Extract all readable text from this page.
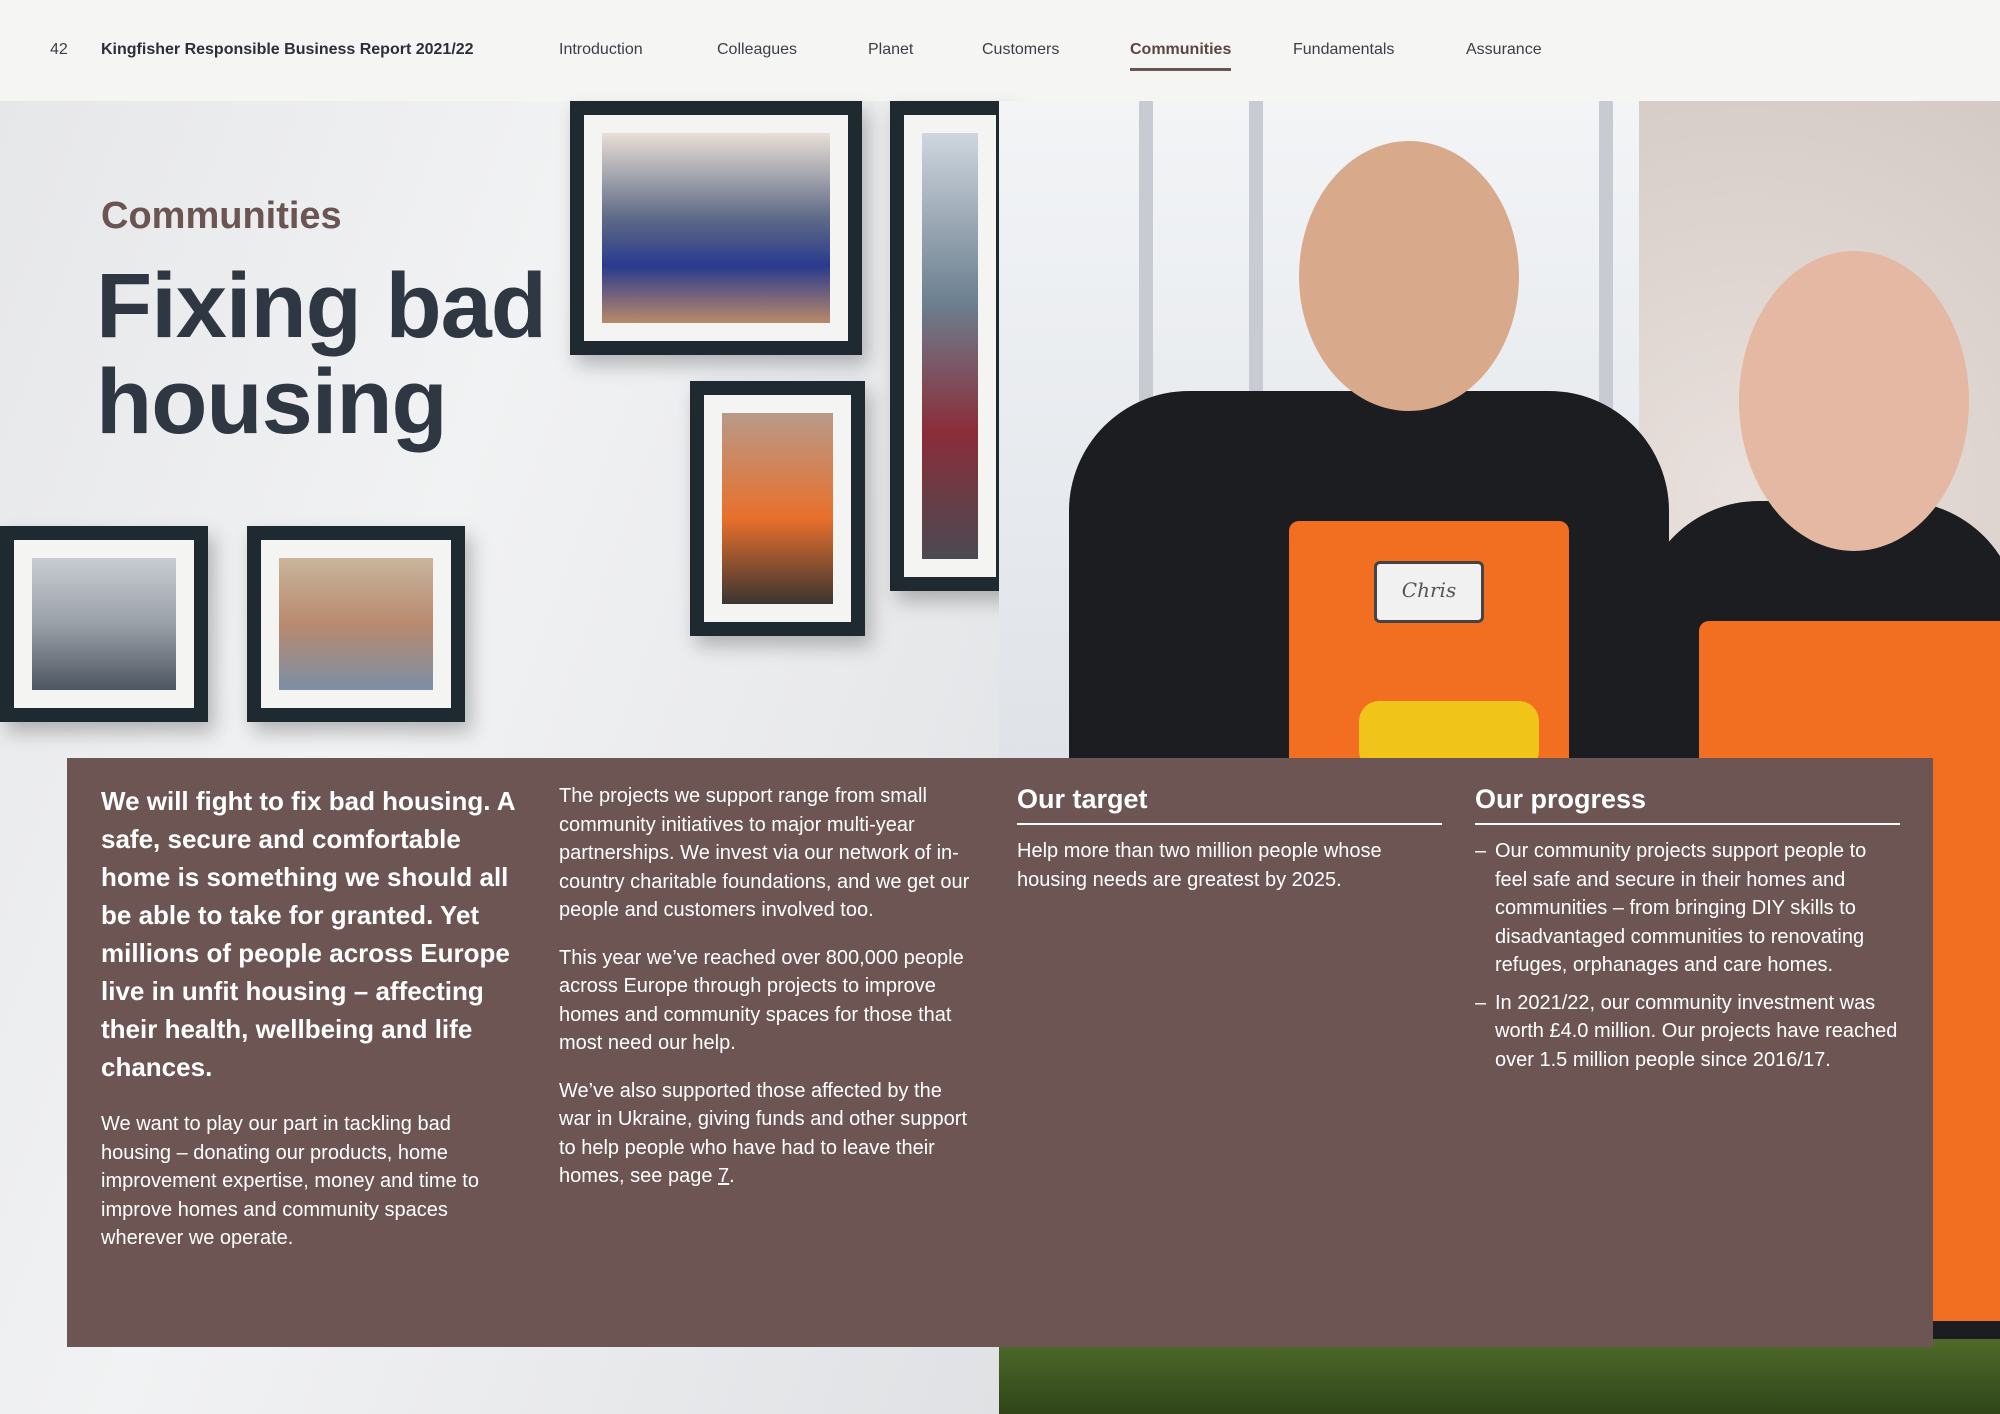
42 Kingfisher Responsible Business Report 2021/22	Introduction	Colleagues	Planet	Customers	Communities	Fundamentals	Assurance
Chris
Communities
Fixing bad
housing

We will fight to fix bad housing. A safe, secure and comfortable home is something we should all be able to take for granted. Yet millions of people across Europe live in unfit housing – affecting their health, wellbeing and life chances.

We want to play our part in tackling bad housing – donating our products, home improvement expertise, money and time to improve homes and community spaces wherever we operate.

The projects we support range from small community initiatives to major multi-year partnerships. We invest via our network of in-country charitable foundations, and we get our people and customers involved too.

This year we’ve reached over 800,000 people across Europe through projects to improve homes and community spaces for those that most need our help.

We’ve also supported those affected by the war in Ukraine, giving funds and other support to help people who have had to leave their homes, see page 7.

Our target

Help more than two million people whose housing needs are greatest by 2025.

Our progress
– Our community projects support people to feel safe and secure in their homes and communities – from bringing DIY skills to disadvantaged communities to renovating refuges, orphanages and care homes.
– In 2021/22, our community investment was worth £4.0 million. Our projects have reached over 1.5 million people since 2016/17.
